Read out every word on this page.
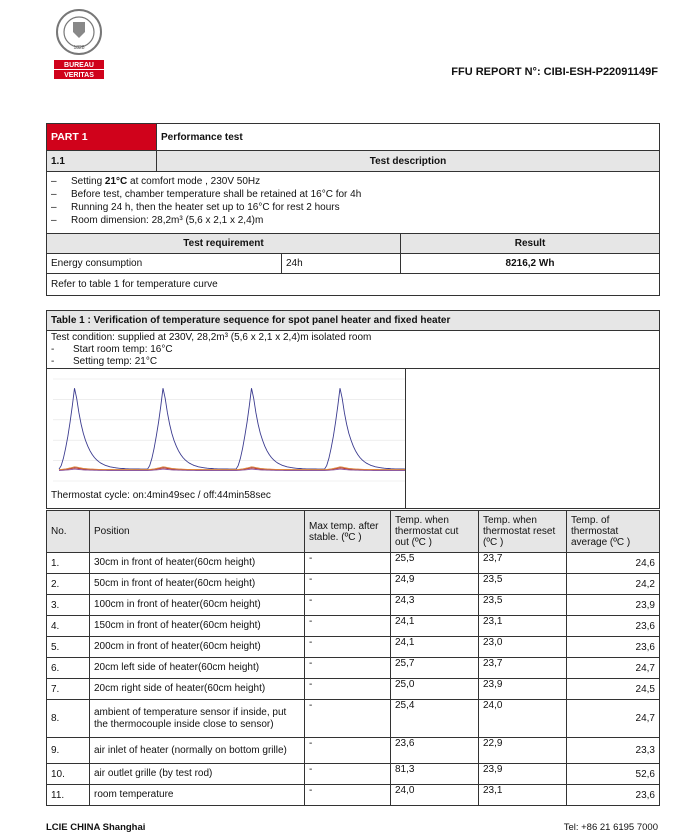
1828
BUREAU
VERITAS	FFU REPORT N°: CIBI-ESH-P22091149F
PART 1	Performance test		
1.1	Test description		

– Setting 21°C at comfort mode , 230V 50Hz
– Before test, chamber temperature shall be retained at 16°C for 4h
– Running 24 h, then the heater set up to 16°C for rest 2 hours
– Room dimension: 28,2m³ (5,6 x 2,1 x 2,4)m			

Test requirement			Result
Energy consumption		24h	8216,2 Wh
Refer to table 1 for temperature curve			
Table 1 : Verification of temperature sequence for spot panel heater and fixed heater

Test condition: supplied at 230V, 28,2m³ (5,6 x 2,1 x 2,4)m isolated room
- Start room temp: 16°C
- Setting temp: 21°C

Thermostat cycle: on:4min49sec / off:44min58sec

No.	Position	Max temp. after stable. (ºC )	Temp. when thermostat cut out (ºC )	Temp. when thermostat reset (ºC )	Temp. of thermostat average (ºC )
1.	30cm in front of heater(60cm height)	-	25,5	23,7	24,6
2.	50cm in front of heater(60cm height)	-	24,9	23,5	24,2
3.	100cm in front of heater(60cm height)	-	24,3	23,5	23,9
4.	150cm in front of heater(60cm height)	-	24,1	23,1	23,6
5.	200cm in front of heater(60cm height)	-	24,1	23,0	23,6
6.	20cm left side of heater(60cm height)	-	25,7	23,7	24,7
7.	20cm right side of heater(60cm height)	-	25,0	23,9	24,5
8.	ambient of temperature sensor if inside, put the thermocouple inside close to sensor)	-	25,4	24,0	24,7
9.	air inlet of heater (normally on bottom grille)	-	23,6	22,9	23,3
10.	air outlet grille (by test rod)	-	81,3	23,9	52,6
11.	room temperature	-	24,0	23,1	23,6
LCIE CHINA Shanghai	Tel: +86 21 6195 7000
